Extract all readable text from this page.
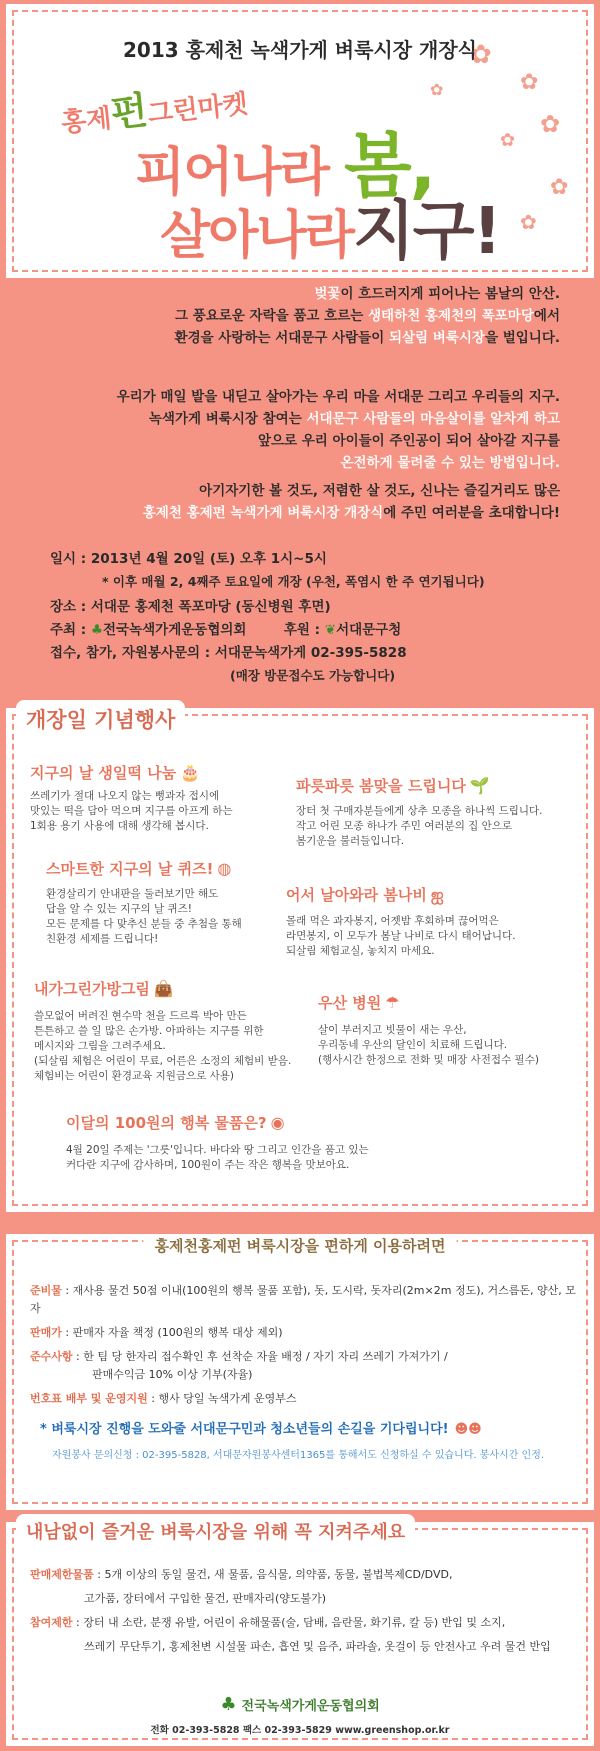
✿
✿
✿
✿
✿
✿
✿
2013 홍제천 녹색가게 벼룩시장 개장식
홍제펀그린마켓
피어나라 봄,
살아나라지구!
벚꽃이 흐드러지게 피어나는 봄날의 안산.
그 풍요로운 자락을 품고 흐르는 생태하천 홍제천의 폭포마당에서
환경을 사랑하는 서대문구 사람들이 되살림 벼룩시장을 벌입니다.
우리가 매일 발을 내딛고 살아가는 우리 마을 서대문 그리고 우리들의 지구.
녹색가게 벼룩시장 참여는 서대문구 사람들의 마음살이를 알차게 하고
앞으로 우리 아이들이 주인공이 되어 살아갈 지구를
온전하게 물려줄 수 있는 방법입니다.
아기자기한 볼 것도, 저렴한 살 것도, 신나는 즐길거리도 많은
홍제천 홍제펀 녹색가게 벼룩시장 개장식에 주민 여러분을 초대합니다!
일시 : 2013년 4월 20일 (토) 오후 1시~5시
* 이후 매월 2, 4째주 토요일에 개장 (우천, 폭염시 한 주 연기됩니다)
장소 : 서대문 홍제천 폭포마당 (동신병원 후면)
주최 : ♣전국녹색가게운동협의회	후원 : ❦서대문구청
접수, 참가, 자원봉사문의 : 서대문녹색가게 02-395-5828
(매장 방문접수도 가능합니다)
개장일 기념행사
지구의 날 생일떡 나눔 🎂
쓰레기가 절대 나오지 않는 뻥과자 접시에
맛있는 떡을 담아 먹으며 지구를 아프게 하는
1회용 용기 사용에 대해 생각해 봅시다.
파릇파릇 봄맞을 드립니다 🌱
장터 첫 구매자분들에게 상추 모종을 하나씩 드립니다.
작고 어린 모종 하나가 주민 여러분의 집 안으로
봄기운을 불러들입니다.
스마트한 지구의 날 퀴즈! ◍
환경살리기 안내판을 둘러보기만 해도
답을 알 수 있는 지구의 날 퀴즈!
모든 문제를 다 맞추신 분들 중 추첨을 통해
친환경 세제를 드립니다!
어서 날아와라 봄나비 ஐ
몰래 먹은 과자봉지, 어젯밤 후회하며 끊어먹은
라면봉지, 이 모두가 봄날 나비로 다시 태어납니다.
되살림 체험교실, 놓치지 마세요.
내가그린가방그림 👜
쓸모없어 버려진 현수막 천을 드르륵 박아 만든
튼튼하고 쓸 일 많은 손가방. 아파하는 지구를 위한
메시지와 그림을 그려주세요.
(되살림 체험은 어린이 무료, 어른은 소정의 체험비 받음.
체험비는 어린이 환경교육 지원금으로 사용)
우산 병원 ☂
살이 부러지고 빗물이 새는 우산,
우리동네 우산의 달인이 치료해 드립니다.
(행사시간 한정으로 전화 및 매장 사전접수 필수)
이달의 100원의 행복 물품은? ◉
4월 20일 주제는 '그릇'입니다. 바다와 땅 그리고 인간을 품고 있는
커다란 지구에 감사하며, 100원이 주는 작은 행복을 맛보아요.
홍제천홍제펀 벼룩시장을 편하게 이용하려면
준비물 : 재사용 물건 50점 이내(100원의 행복 물품 포함), 돗, 도시락, 돗자리(2m×2m 정도), 거스름돈, 양산, 모자
판매가 : 판매자 자율 책정 (100원의 행복 대상 제외)
준수사항 : 한 팀 당 한자리 접수확인 후 선착순 자율 배정 / 자기 자리 쓰레기 가져가기 /
판매수익금 10% 이상 기부(자율)
번호표 배부 및 운영지원 : 행사 당일 녹색가게 운영부스
* 벼룩시장 진행을 도와줄 서대문구민과 청소년들의 손길을 기다립니다! ☻☻
자원봉사 문의신청 : 02-395-5828, 서대문자원봉사센터1365를 통해서도 신청하실 수 있습니다. 봉사시간 인정.
내남없이 즐거운 벼룩시장을 위해 꼭 지켜주세요
판매제한물품 : 5개 이상의 동일 물건, 새 물품, 음식물, 의약품, 동물, 불법복제CD/DVD,
고가품, 장터에서 구입한 물건, 판매자리(양도불가)
참여제한 : 장터 내 소란, 분쟁 유발, 어린이 유해물품(술, 담배, 음란물, 화기류, 칼 등) 반입 및 소지,
쓰레기 무단투기, 홍제천변 시설물 파손, 흡연 및 음주, 파라솔, 옷걸이 등 안전사고 우려 물건 반입
♣ 전국녹색가게운동협의회
전화 02-393-5828 팩스 02-393-5829 www.greenshop.or.kr
